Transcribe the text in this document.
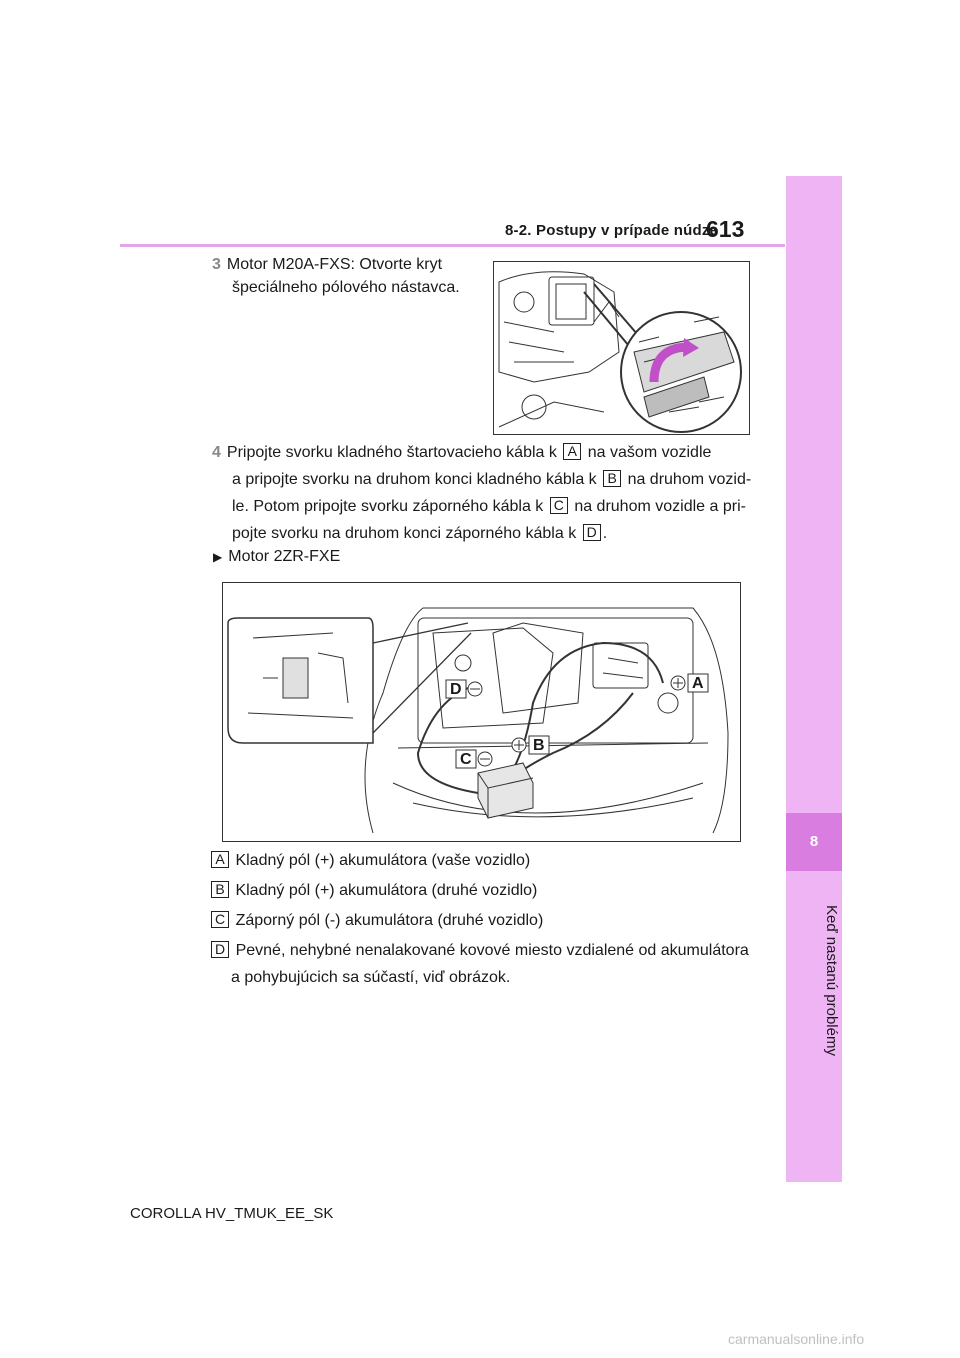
8-2. Postupy v prípade núdze
613
8
Keď nastanú problémy
3 Motor M20A-FXS: Otvorte kryt
špeciálneho pólového nástavca.
4 Pripojte svorku kladného štartovacieho kábla k A na vašom vozidle
a pripojte svorku na druhom konci kladného kábla k B na druhom vozid-
le. Potom pripojte svorku záporného kábla k C na druhom vozidle a pri-
pojte svorku na druhom konci záporného kábla k D .
▶ Motor 2ZR-FXE
D	A
B
C
A Kladný pól (+) akumulátora (vaše vozidlo)
B Kladný pól (+) akumulátora (druhé vozidlo)
C Záporný pól (-) akumulátora (druhé vozidlo)
D Pevné, nehybné nenalakované kovové miesto vzdialené od akumulátora
a pohybujúcich sa súčastí, viď obrázok.
COROLLA HV_TMUK_EE_SK
carmanualsonline.info
